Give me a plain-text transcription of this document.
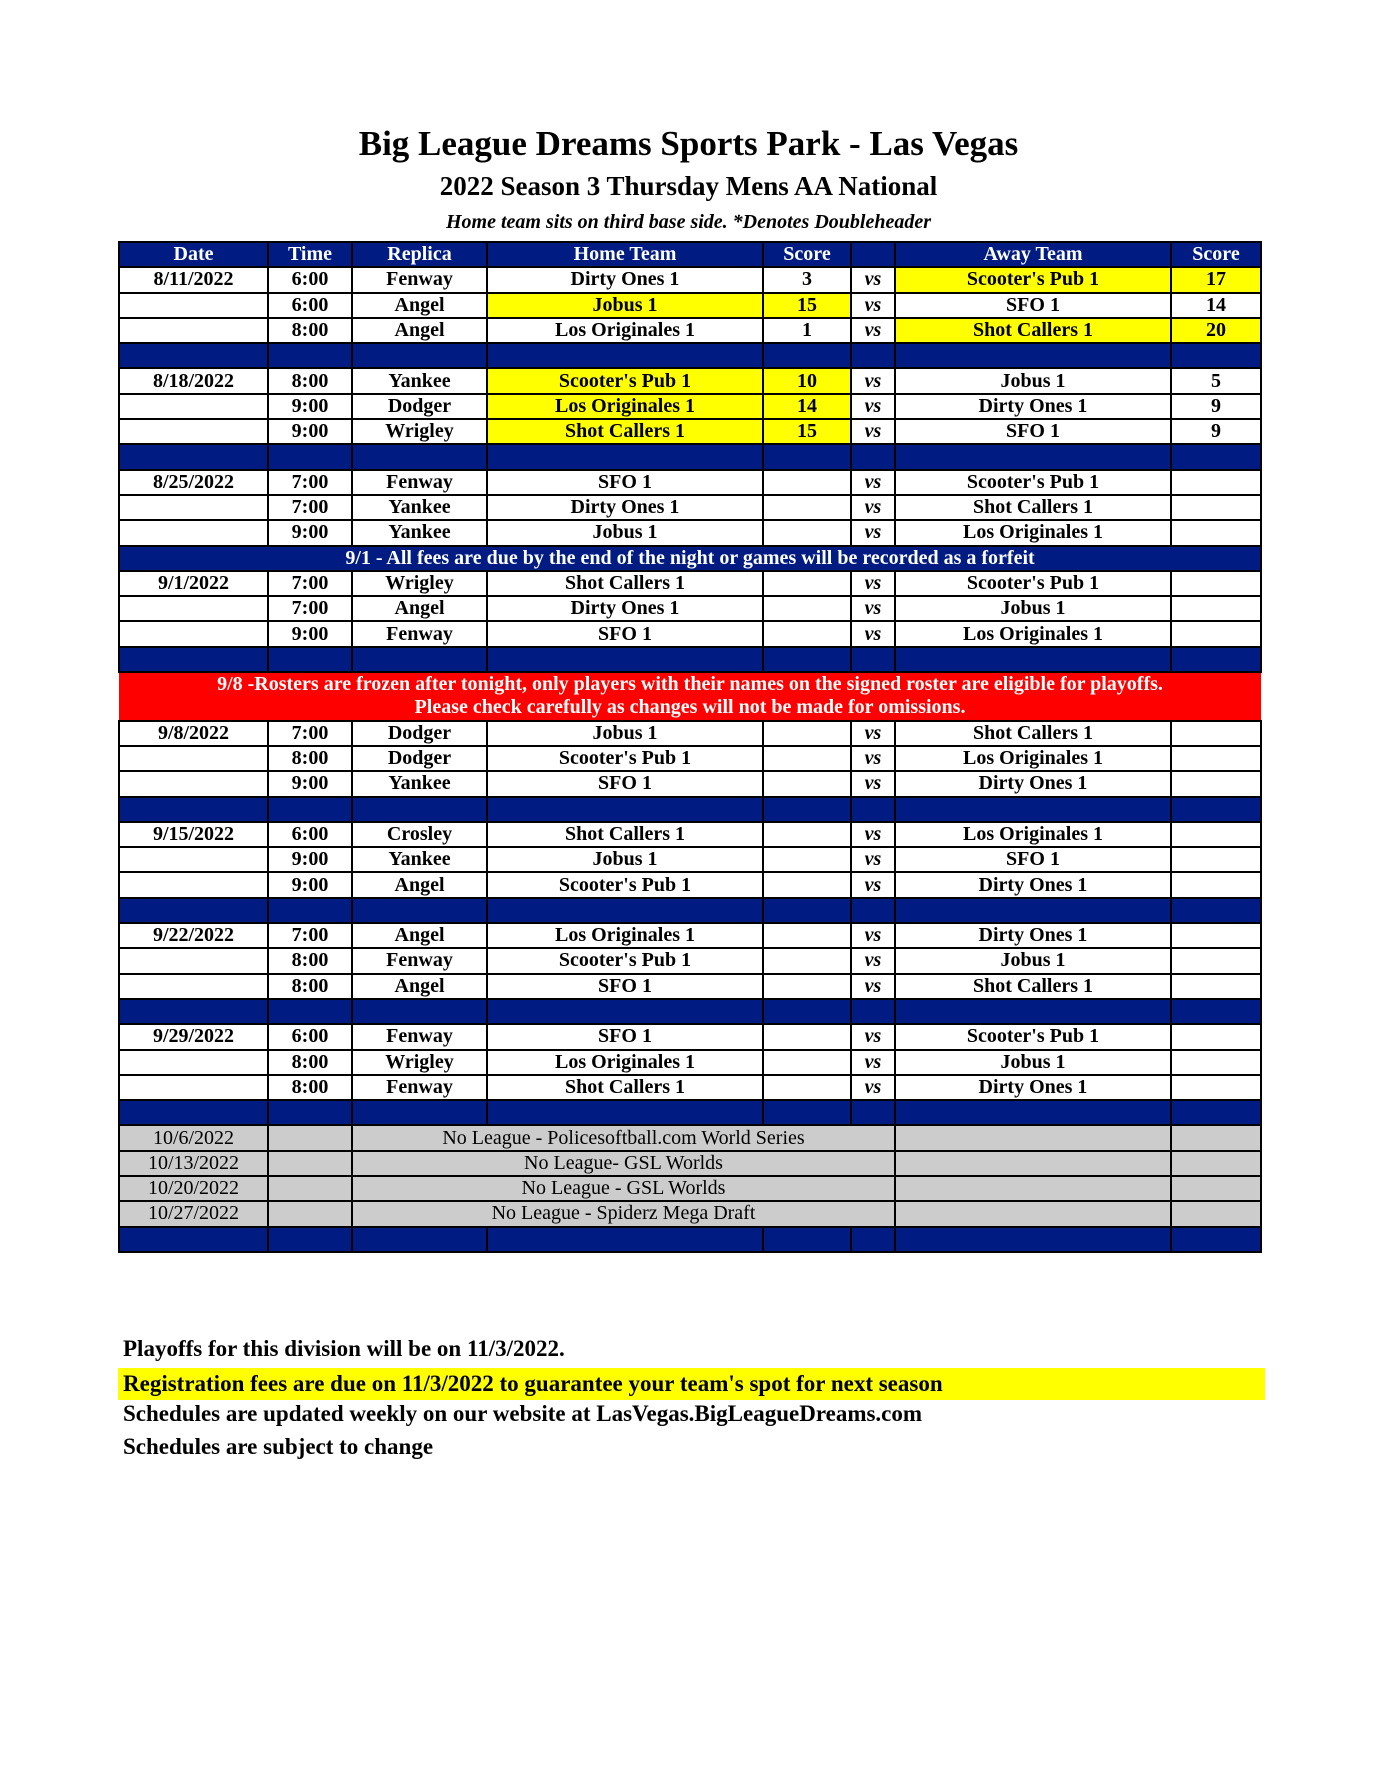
Big League Dreams Sports Park - Las Vegas
2022 Season 3 Thursday Mens AA National
Home team sits on third base side. *Denotes Doubleheader
Date	Time	Replica	Home Team	Score		Away Team	Score
8/11/2022	6:00	Fenway	Dirty Ones 1	3	vs	Scooter's Pub 1	17
	6:00	Angel	Jobus 1	15	vs	SFO 1	14
	8:00	Angel	Los Originales 1	1	vs	Shot Callers 1	20

8/18/2022	8:00	Yankee	Scooter's Pub 1	10	vs	Jobus 1	5
	9:00	Dodger	Los Originales 1	14	vs	Dirty Ones 1	9
	9:00	Wrigley	Shot Callers 1	15	vs	SFO 1	9

8/25/2022	7:00	Fenway	SFO 1		vs	Scooter's Pub 1	
	7:00	Yankee	Dirty Ones 1		vs	Shot Callers 1	
	9:00	Yankee	Jobus 1		vs	Los Originales 1	
9/1 - All fees are due by the end of the night or games will be recorded as a forfeit							
9/1/2022	7:00	Wrigley	Shot Callers 1		vs	Scooter's Pub 1	
	7:00	Angel	Dirty Ones 1		vs	Jobus 1	
	9:00	Fenway	SFO 1		vs	Los Originales 1	

9/8 -Rosters are frozen after tonight, only players with their names on the signed roster are eligible for playoffs.							
Please check carefully as changes will not be made for omissions.							
9/8/2022	7:00	Dodger	Jobus 1		vs	Shot Callers 1	
	8:00	Dodger	Scooter's Pub 1		vs	Los Originales 1	
	9:00	Yankee	SFO 1		vs	Dirty Ones 1	

9/15/2022	6:00	Crosley	Shot Callers 1		vs	Los Originales 1	
	9:00	Yankee	Jobus 1		vs	SFO 1	
	9:00	Angel	Scooter's Pub 1		vs	Dirty Ones 1	

9/22/2022	7:00	Angel	Los Originales 1		vs	Dirty Ones 1	
	8:00	Fenway	Scooter's Pub 1		vs	Jobus 1	
	8:00	Angel	SFO 1		vs	Shot Callers 1	

9/29/2022	6:00	Fenway	SFO 1		vs	Scooter's Pub 1	
	8:00	Wrigley	Los Originales 1		vs	Jobus 1	
	8:00	Fenway	Shot Callers 1		vs	Dirty Ones 1	

10/6/2022		No League - Policesoftball.com World Series					
10/13/2022		No League- GSL Worlds					
10/20/2022		No League - GSL Worlds					
10/27/2022		No League - Spiderz Mega Draft					

Playoffs for this division will be on 11/3/2022.
Registration fees are due on 11/3/2022 to guarantee your team's spot for next season
Schedules are updated weekly on our website at LasVegas.BigLeagueDreams.com
Schedules are subject to change
